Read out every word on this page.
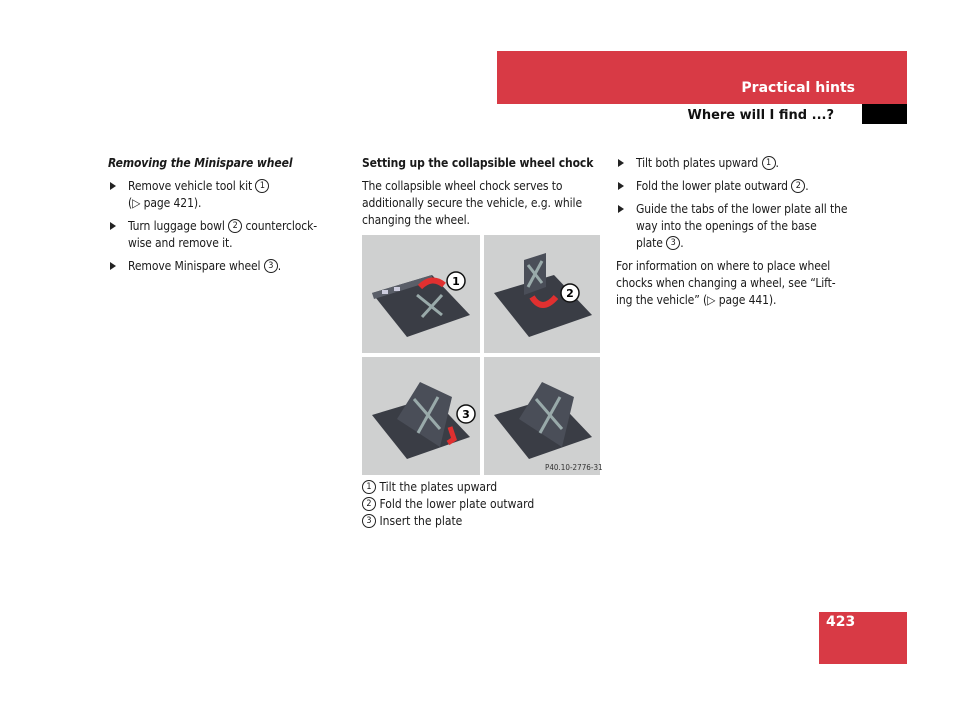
Practical hints
Where will I find ...?

Removing the Minispare wheel

Remove vehicle tool kit 1
(▷ page 421).
Turn luggage bowl 2 counterclock-
wise and remove it.
Remove Minispare wheel 3 .

Setting up the collapsible wheel chock

The collapsible wheel chock serves to
additionally secure the vehicle, e.g. while
changing the wheel.
1
2
3
P40.10-2776-31
1 Tilt the plates upward
2 Fold the lower plate outward
3 Insert the plate
Tilt both plates upward 1 .
Fold the lower plate outward 2 .
Guide the tabs of the lower plate all the
way into the openings of the base
plate 3 .
For information on where to place wheel
chocks when changing a wheel, see “Lift-
ing the vehicle” (▷ page 441).
423
